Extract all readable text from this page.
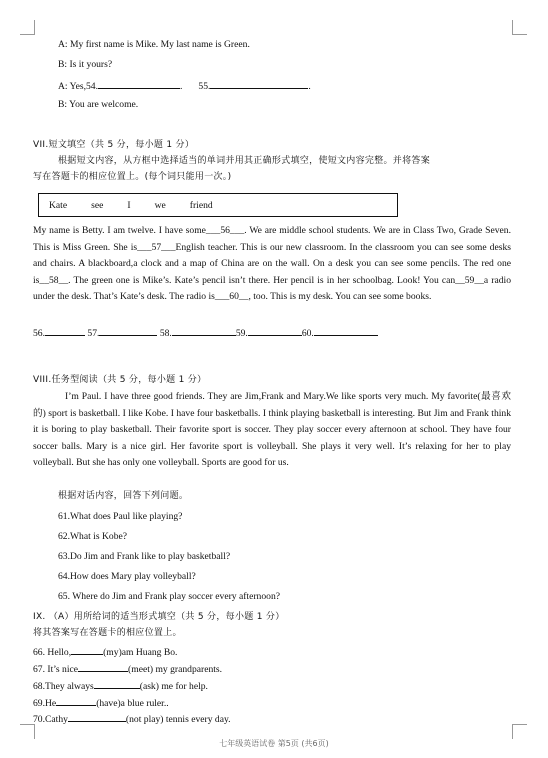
A: My first name is Mike. My last name is Green.
B: Is it yours?
A: Yes,54.	. 55.	.
B: You are welcome.
VII.短文填空（共 5 分，每小题 1 分）
根据短文内容，从方框中选择适当的单词并用其正确形式填空，使短文内容完整。并将答案
写在答题卡的相应位置上。(每个词只能用一次。)
Kate	see	I	we	friend
My name is Betty. I am twelve. I have some___56___. We are middle school students. We are in Class Two, Grade Seven. This is Miss Green. She is___57___English teacher. This is our new classroom. In the classroom you can see some desks and chairs. A blackboard,a clock and a map of China are on the wall. On a desk you can see some pencils. The red one is__58__. The green one is Mike’s. Kate’s pencil isn’t there. Her pencil is in her schoolbag. Look! You can__59__a radio under the desk. That’s Kate’s desk. The radio is___60__, too. This is my desk. You can see some books.
56.	57.	58.	59.	60.
VIII.任务型阅读（共 5 分，每小题 1 分）
I’m Paul. I have three good friends. They are Jim,Frank and Mary.We like sports very much. My favorite(最喜欢的) sport is basketball. I like Kobe. I have four basketballs. I think playing basketball is interesting. But Jim and Frank think it is boring to play basketball. Their favorite sport is soccer. They play soccer every afternoon at school. They have four soccer balls. Mary is a nice girl. Her favorite sport is volleyball. She plays it very well. It’s relaxing for her to play volleyball. But she has only one volleyball. Sports are good for us.
根据对话内容，回答下列问题。
61.What does Paul like playing?
62.What is Kobe?
63.Do Jim and Frank like to play basketball?
64.How does Mary play volleyball?
65. Where do Jim and Frank play soccer every afternoon?
IX. （A）用所给词的适当形式填空（共 5 分，每小题 1 分）
将其答案写在答题卡的相应位置上。
66. Hello,	(my)am Huang Bo.
67. It’s nice	(meet) my grandparents.
68.They always	(ask) me for help.
69.He	(have)a blue ruler..
70.Cathy	(not play) tennis every day.
七年级英语试卷 第5页 (共6页)
